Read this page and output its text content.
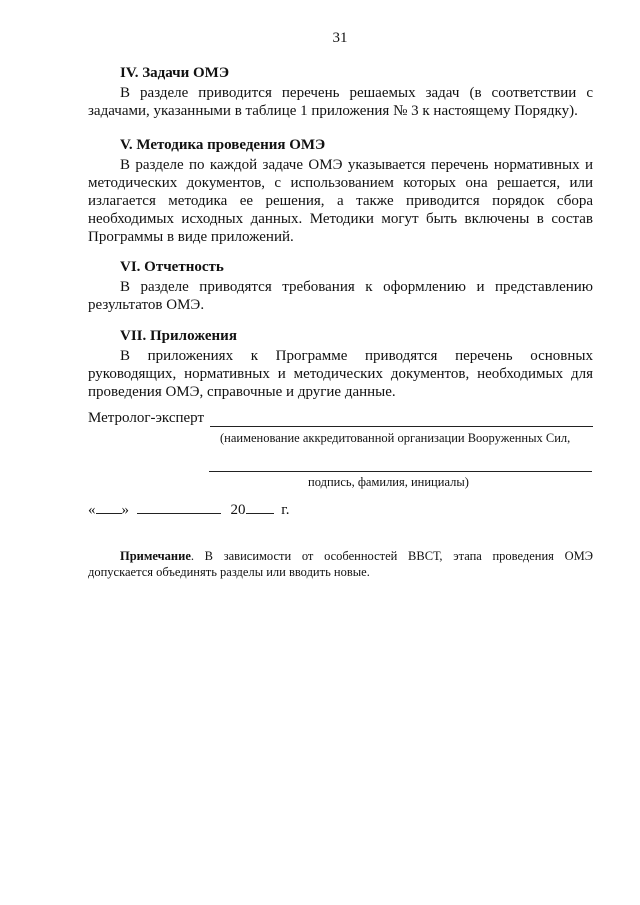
31

IV. Задачи ОМЭ

В разделе приводится перечень решаемых задач (в соответствии с задачами, указанными в таблице 1 приложения № 3 к настоящему Порядку).

V. Методика проведения ОМЭ

В разделе по каждой задаче ОМЭ указывается перечень нормативных и методических документов, с использованием которых она решается, или излагается методика ее решения, а также приводится порядок сбора необходимых исходных данных. Методики могут быть включены в состав Программы в виде приложений.

VI. Отчетность

В разделе приводятся требования к оформлению и представлению результатов ОМЭ.

VII. Приложения

В приложениях к Программе приводятся перечень основных руководящих, нормативных и методических документов, необходимых для проведения ОМЭ, справочные и другие данные.

Метролог-эксперт
(наименование аккредитованной организации Вооруженных Сил,
подпись, фамилия, инициалы)
« »	20 г.

Примечание. В зависимости от особенностей ВВСТ, этапа проведения ОМЭ допускается объединять разделы или вводить новые.
